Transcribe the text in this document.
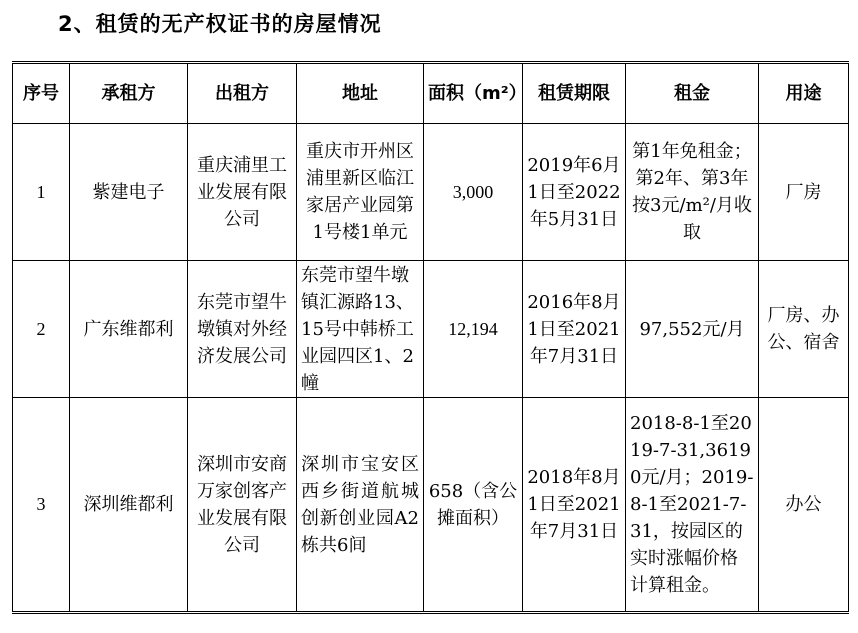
2、租赁的无产权证书的房屋情况
序号	承租方	出租方	地址	面积（m²）	租赁期限	租金	用途
1	紫建电子	重庆浦里工业发展有限公司	重庆市开州区浦里新区临江家居产业园第1号楼1单元	3,000	2019年6月1日至2022年5月31日	第1年免租金；第2年、第3年按3元/m²/月收取	厂房
2	广东维都利	东莞市望牛墩镇对外经济发展公司	东莞市望牛墩镇汇源路13、15号中韩桥工业园四区1、2幢	12,194	2016年8月1日至2021年7月31日	97,552元/月	厂房、办公、宿舍
3	深圳维都利	深圳市安商万家创客产业发展有限公司	深圳市宝安区西乡街道航城创新创业园A2栋共6间	658（含公摊面积）	2018年8月1日至2021年7月31日	2018-8-1至2019-7-31,36190元/月；2019-8-1至2021-7-31，按园区的实时涨幅价格计算租金。	办公
